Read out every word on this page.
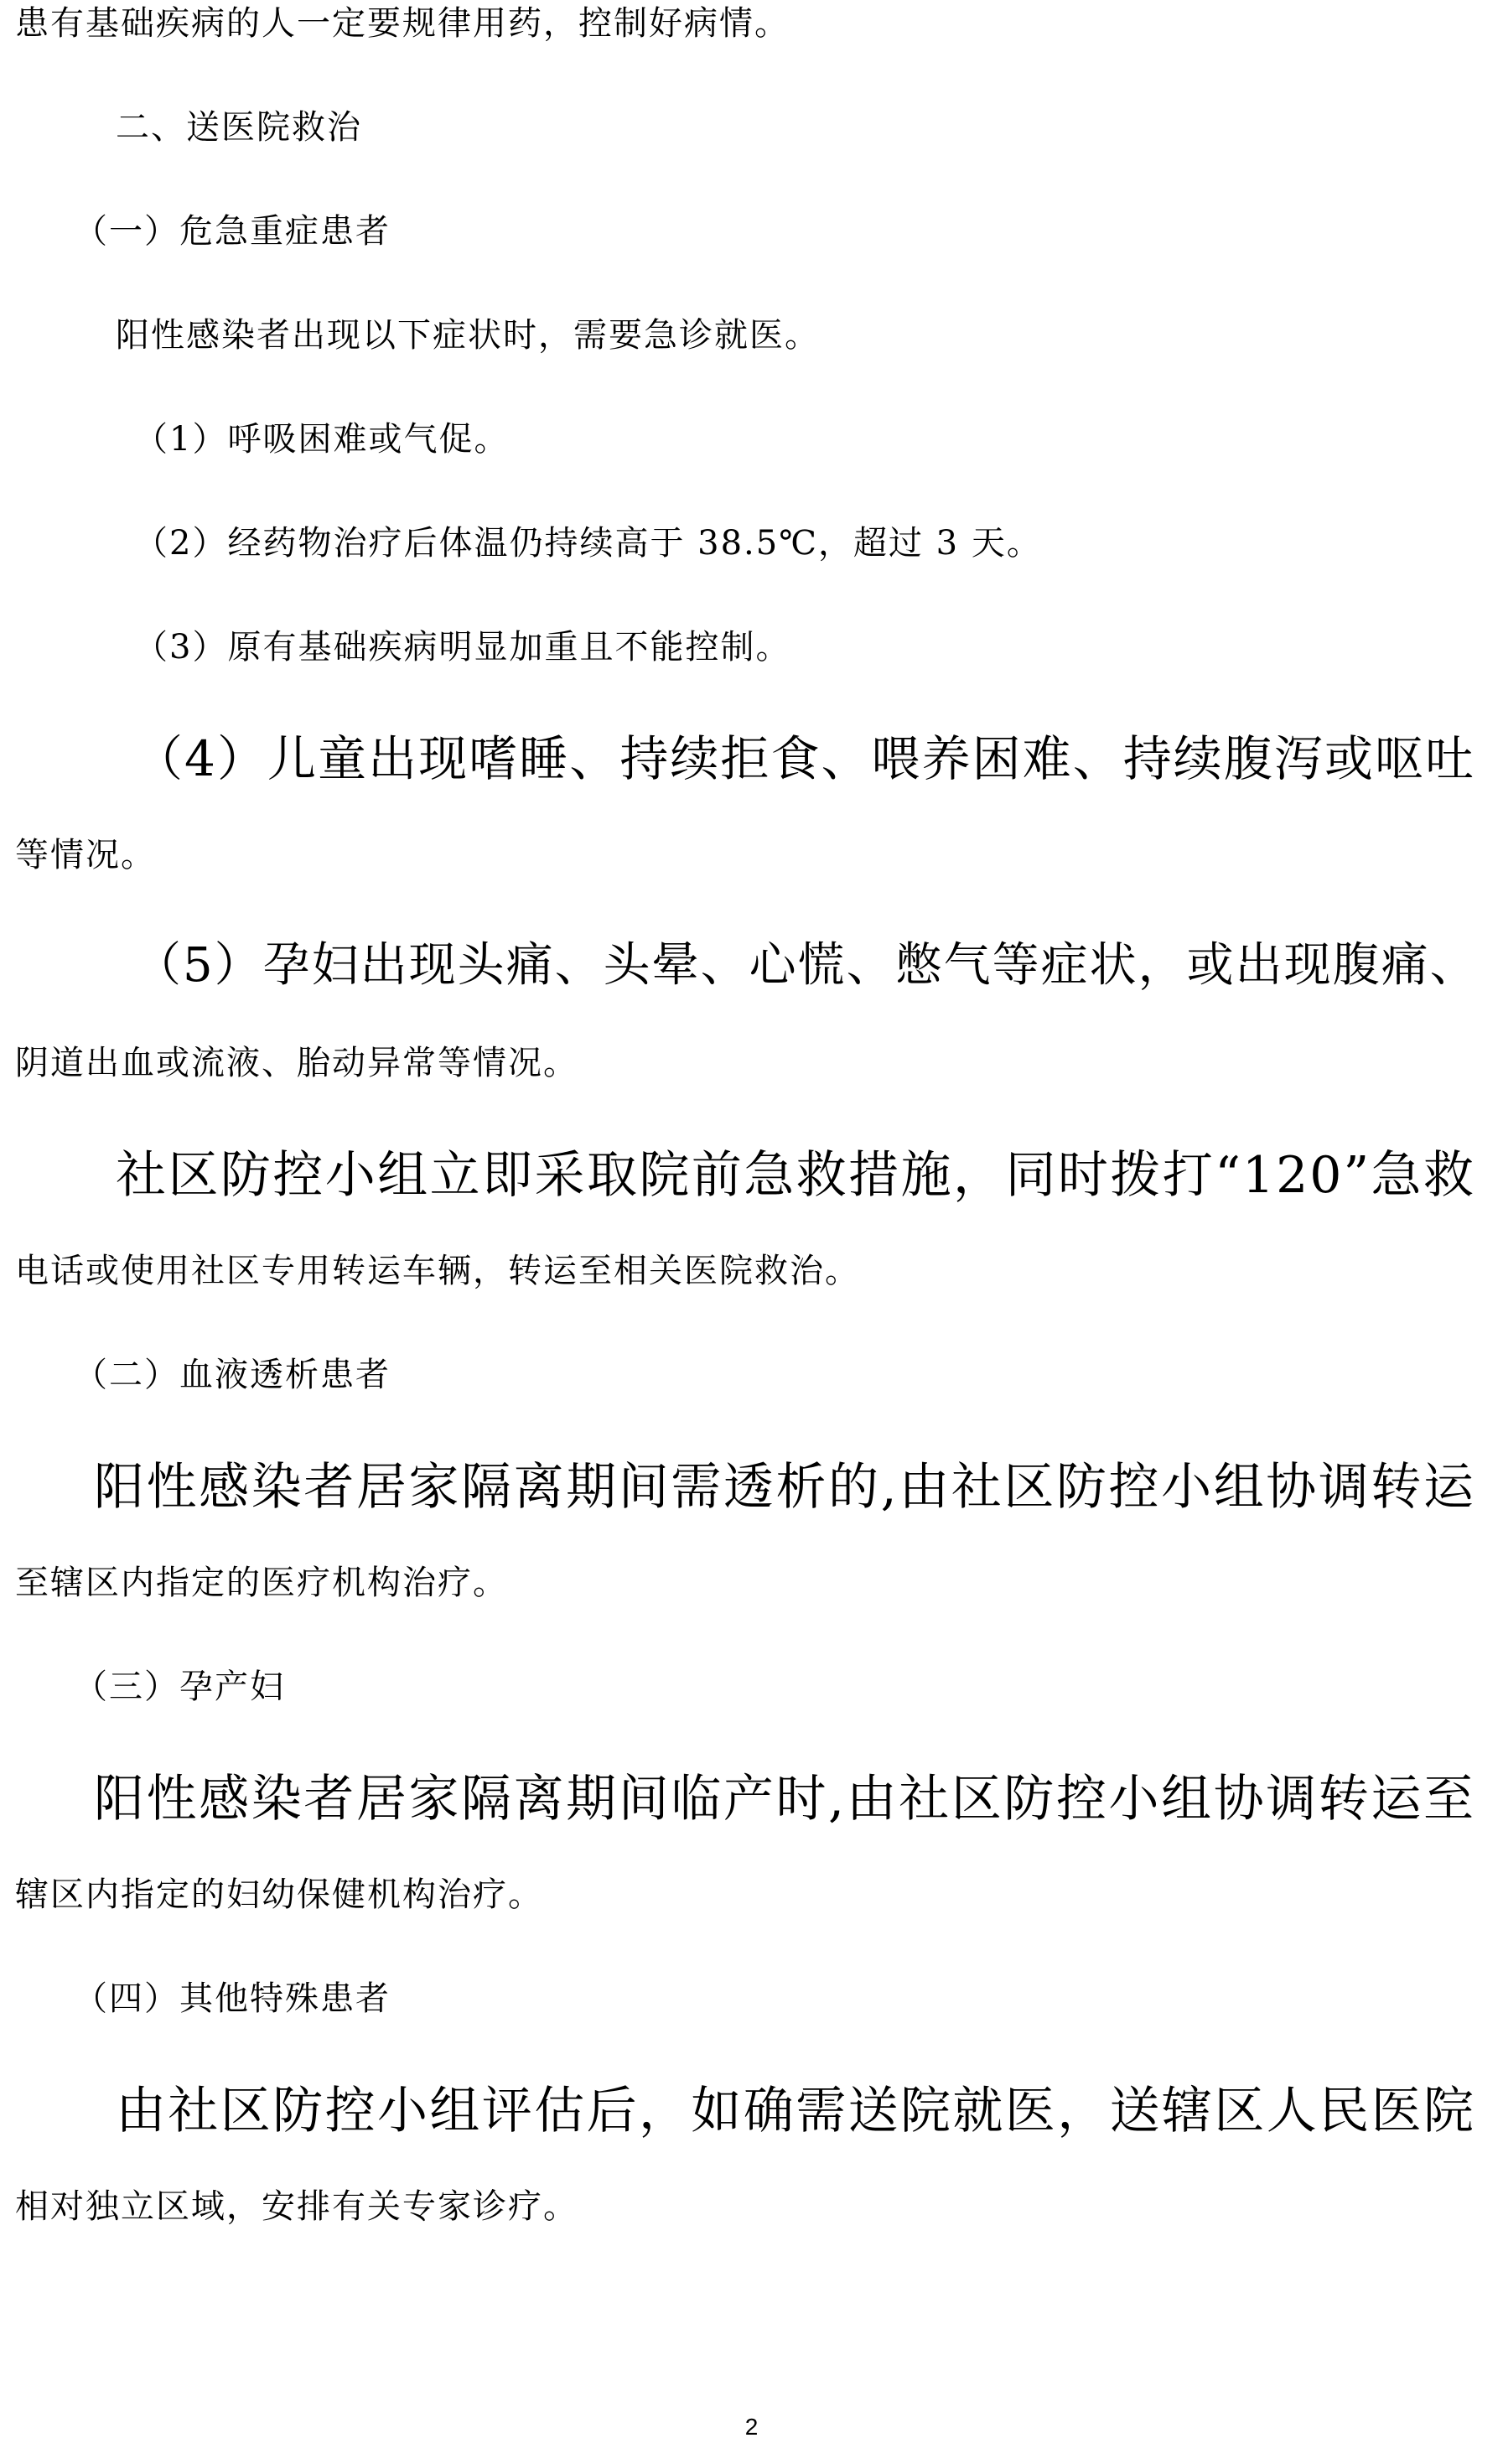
患有基础疾病的人一定要规律用药，控制好病情。

二、送医院救治

（一）危急重症患者

阳性感染者出现以下症状时，需要急诊就医。

（1）呼吸困难或气促。

（2）经药物治疗后体温仍持续高于 38.5℃，超过 3 天。

（3）原有基础疾病明显加重且不能控制。

（4）儿童出现嗜睡、持续拒食、喂养困难、持续腹泻或呕吐

等情况。

（5）孕妇出现头痛、头晕、心慌、憋气等症状，或出现腹痛、

阴道出血或流液、胎动异常等情况。

社区防控小组立即采取院前急救措施，同时拨打“120”急救

电话或使用社区专用转运车辆，转运至相关医院救治。

（二）血液透析患者

阳性感染者居家隔离期间需透析的,由社区防控小组协调转运

至辖区内指定的医疗机构治疗。

（三）孕产妇

阳性感染者居家隔离期间临产时,由社区防控小组协调转运至

辖区内指定的妇幼保健机构治疗。

（四）其他特殊患者

由社区防控小组评估后，如确需送院就医，送辖区人民医院

相对独立区域，安排有关专家诊疗。

2
